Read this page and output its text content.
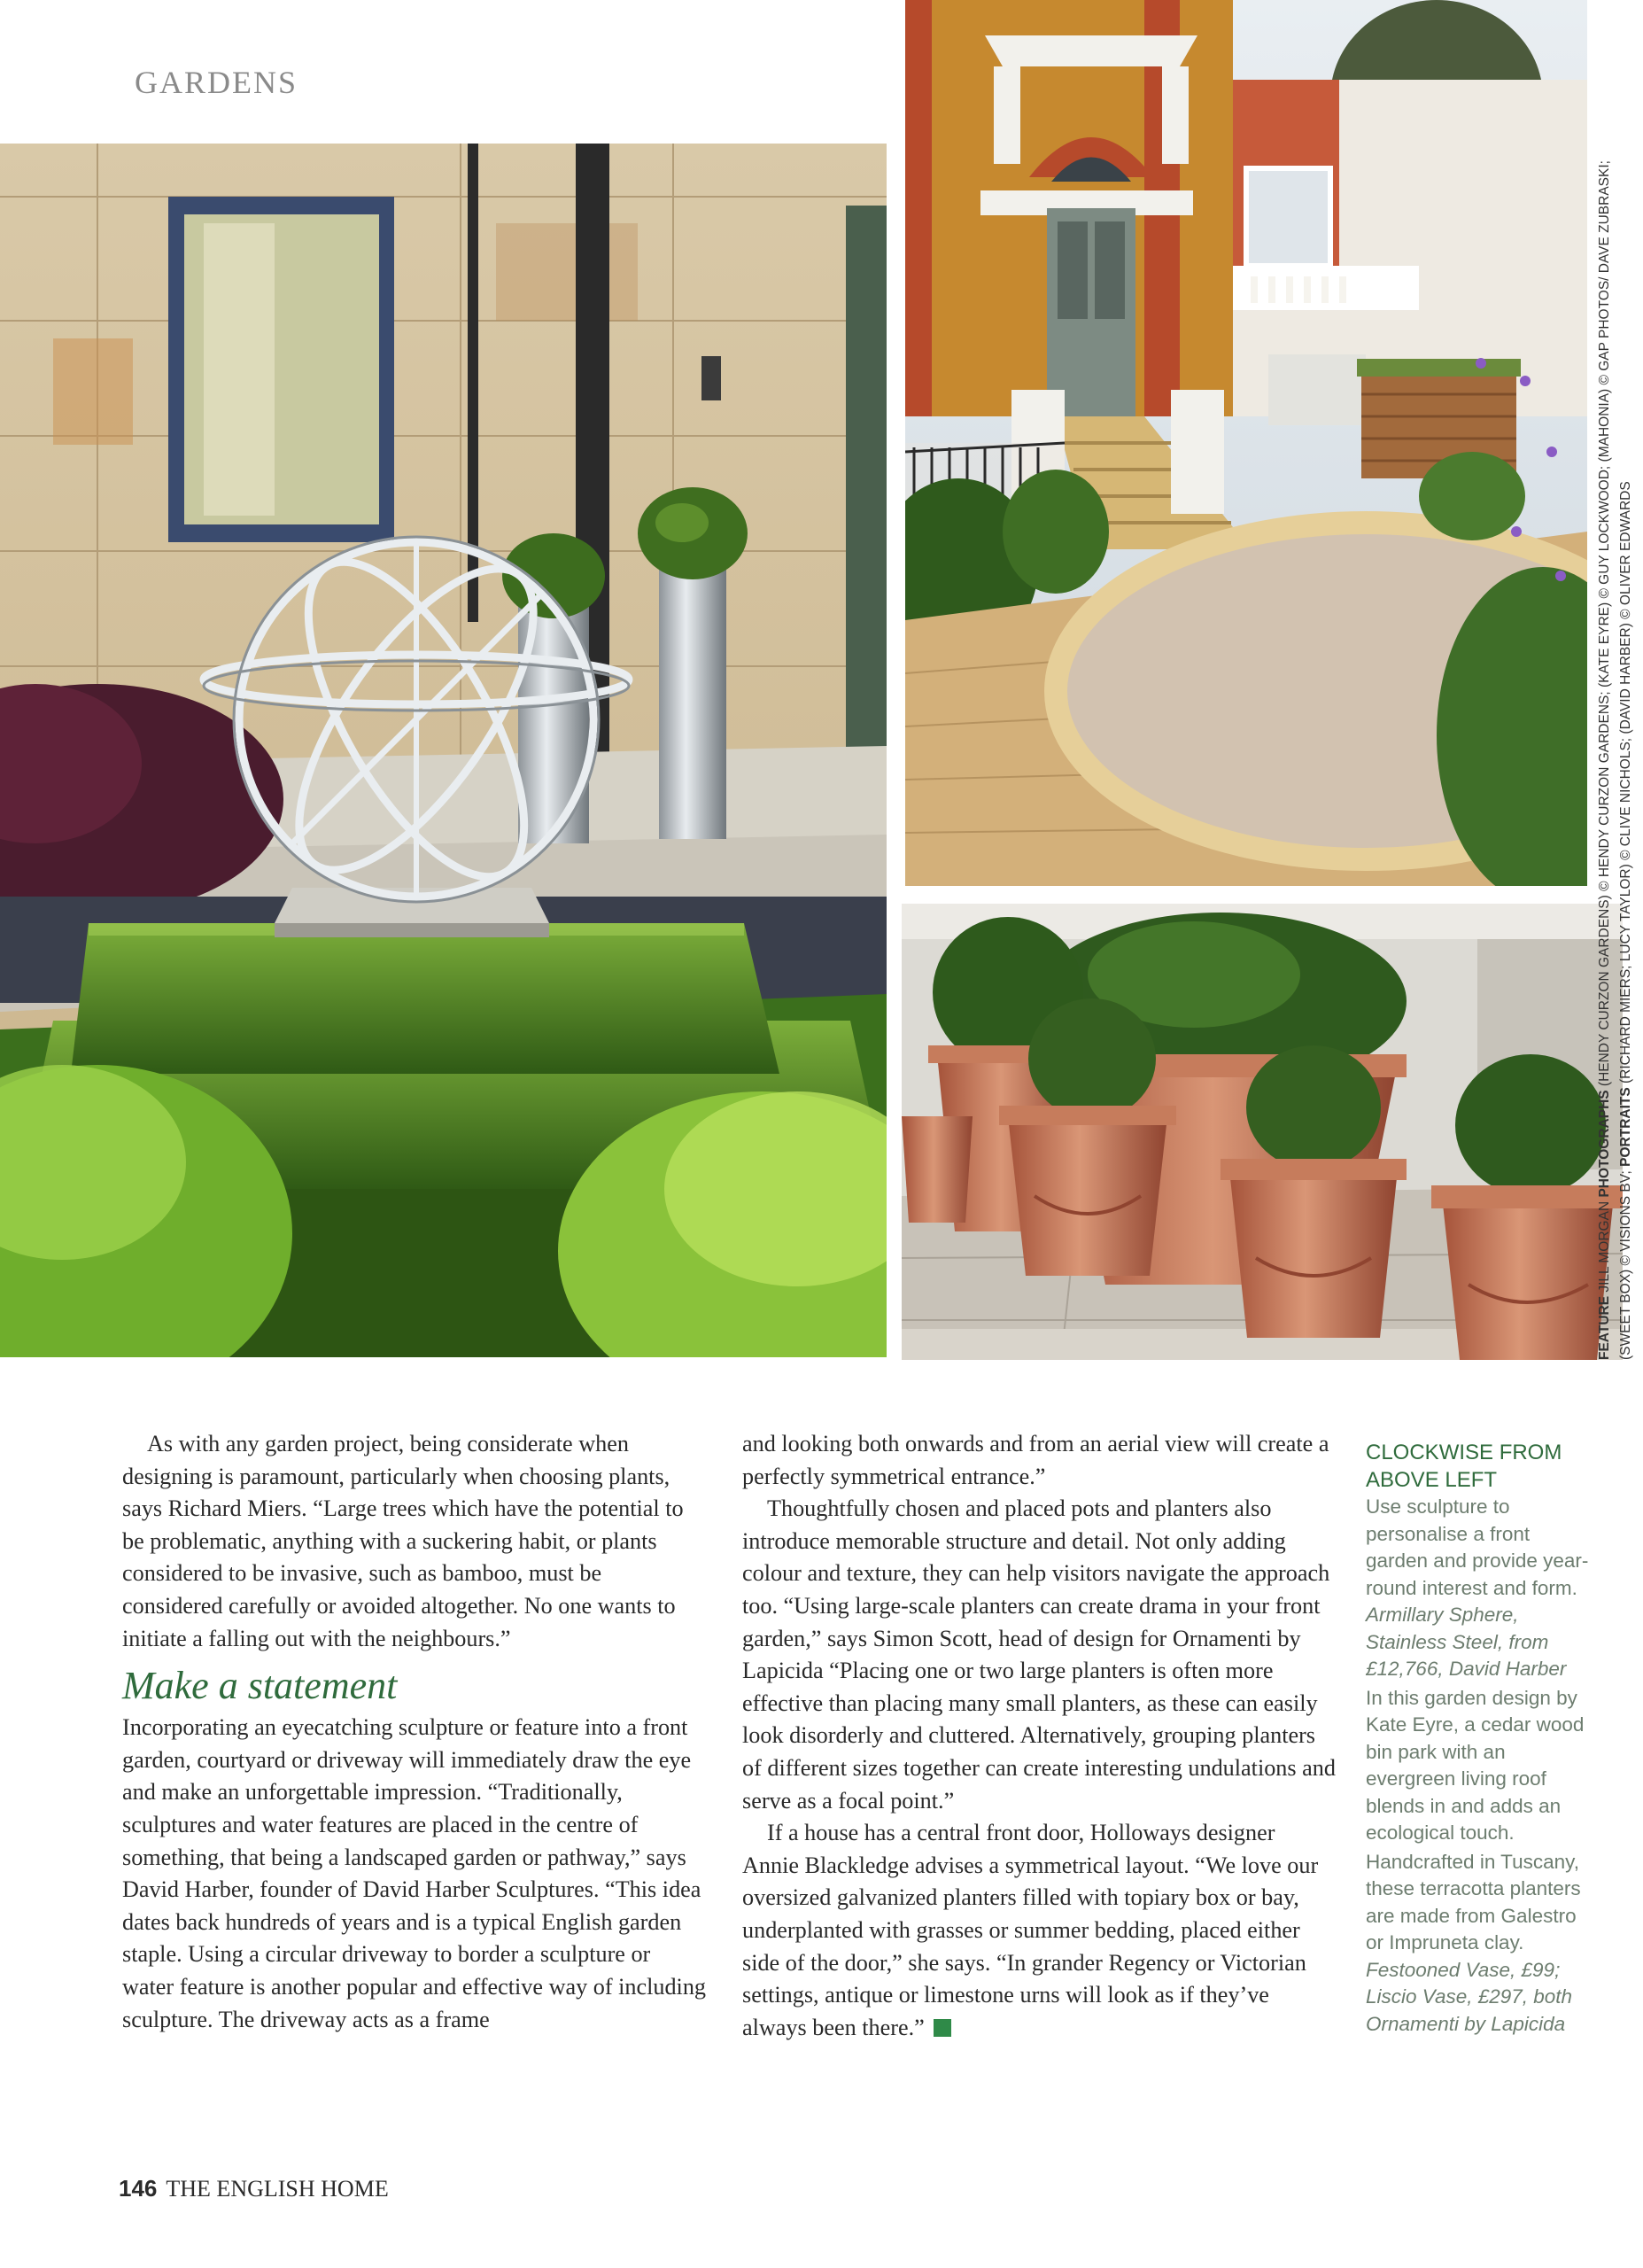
GARDENS
FEATURE JILL MORGAN PHOTOGRAPHS (HENDY CURZON GARDENS) © HENDY CURZON GARDENS; (KATE EYRE) © GUY LOCKWOOD; (MAHONIA) © GAP PHOTOS/ DAVE ZUBRASKI;
(SWEET BOX) © VISIONS BV; PORTRAITS (RICHARD MIERS; LUCY TAYLOR) © CLIVE NICHOLS; (DAVID HARBER) © OLIVER EDWARDS

As with any garden project, being considerate when designing is paramount, particularly when choosing plants, says Richard Miers. “Large trees which have the potential to be problematic, anything with a suckering habit, or plants considered to be invasive, such as bamboo, must be considered carefully or avoided altogether. No one wants to initiate a falling out with the neighbours.”

Make a statement

Incorporating an eyecatching sculpture or feature into a front garden, courtyard or driveway will immediately draw the eye and make an unforgettable impression. “Traditionally, sculptures and water features are placed in the centre of something, that being a landscaped garden or pathway,” says David Harber, founder of David Harber Sculptures. “This idea dates back hundreds of years and is a typical English garden staple. Using a circular driveway to border a sculpture or water feature is another popular and effective way of including sculpture. The driveway acts as a frame

and looking both onwards and from an aerial view will create a perfectly symmetrical entrance.”

Thoughtfully chosen and placed pots and planters also introduce memorable structure and detail. Not only adding colour and texture, they can help visitors navigate the approach too. “Using large-scale planters can create drama in your front garden,” says Simon Scott, head of design for Ornamenti by Lapicida “Placing one or two large planters is often more effective than placing many small planters, as these can easily look disorderly and cluttered. Alternatively, grouping planters of different sizes together can create interesting undulations and serve as a focal point.”

If a house has a central front door, Holloways designer Annie Blackledge advises a symmetrical layout. “We love our oversized galvanized planters filled with topiary box or bay, underplanted with grasses or summer bedding, placed either side of the door,” she says. “In grander Regency or Victorian settings, antique or limestone urns will look as if they’ve always been there.”

CLOCKWISE FROM ABOVE LEFT
Use sculpture to personalise a front garden and provide year-round interest and form.
Armillary Sphere, Stainless Steel, from £12,766, David Harber
In this garden design by Kate Eyre, a cedar wood bin park with an evergreen living roof blends in and adds an ecological touch.
Handcrafted in Tuscany, these terracotta planters are made from Galestro or Impruneta clay.
Festooned Vase, £99; Liscio Vase, £297, both Ornamenti by Lapicida
146 THE ENGLISH HOME
